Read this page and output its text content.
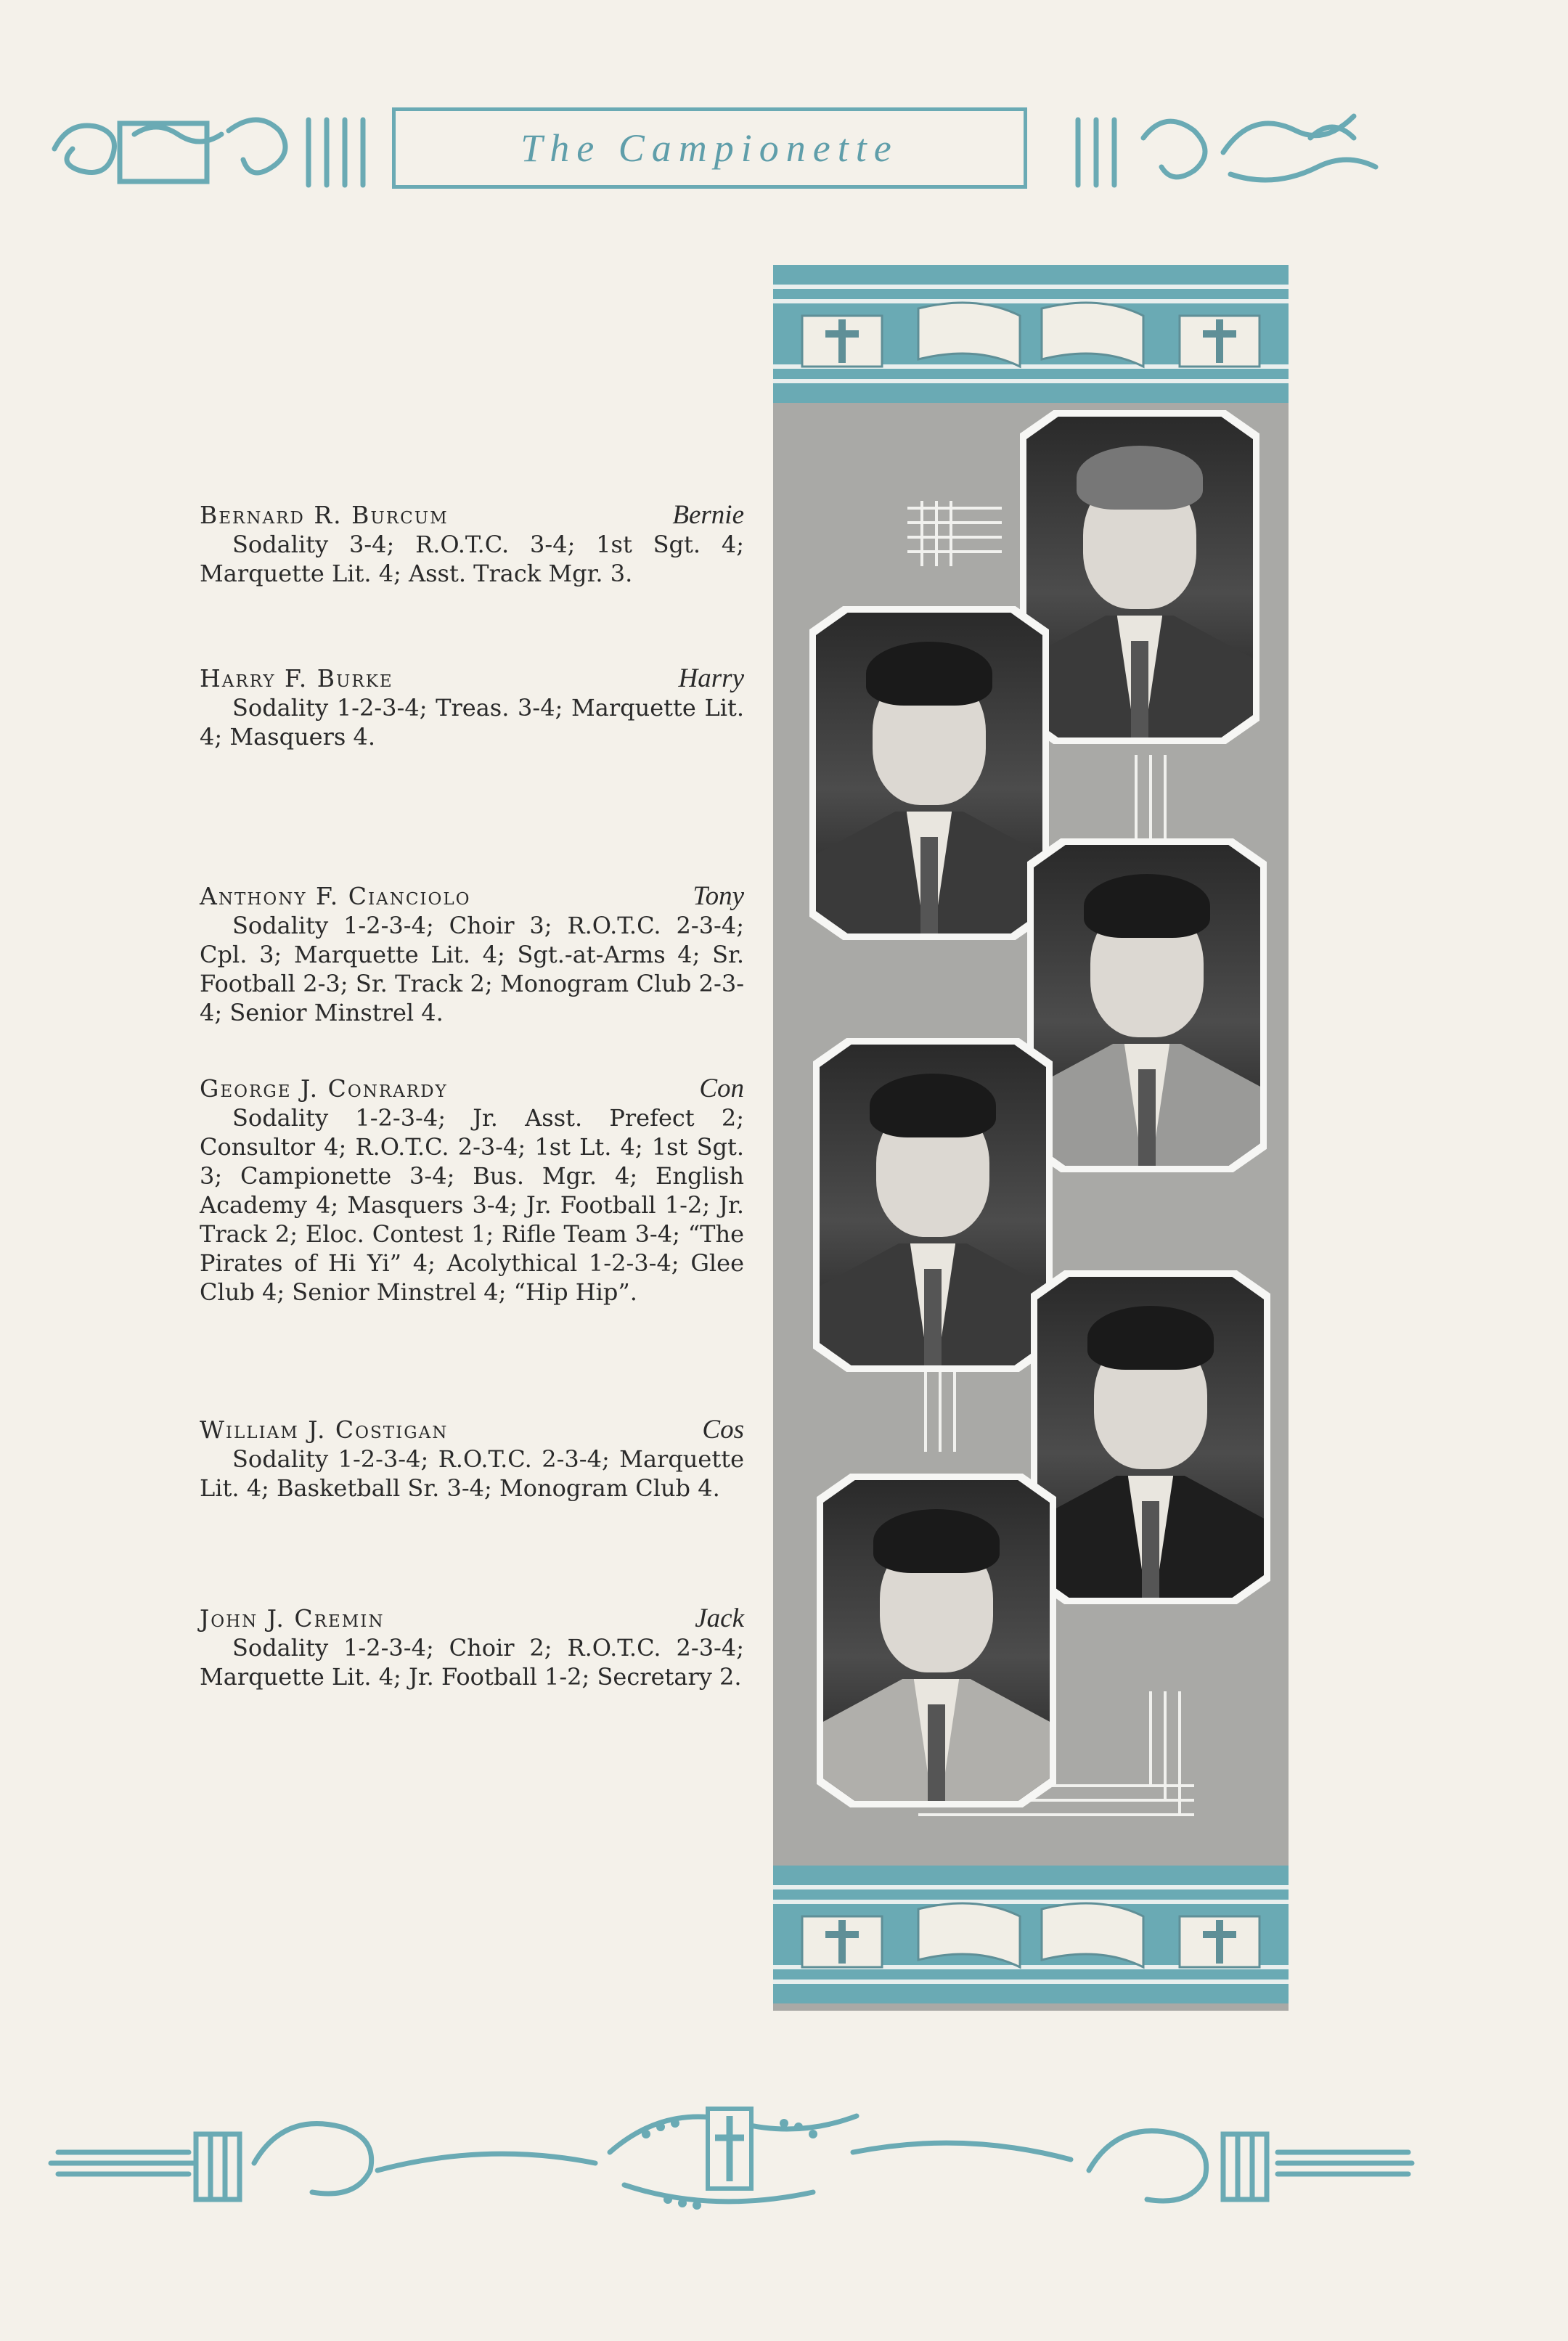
The Campionette
Bernard R. Burcum	Bernie
Sodality 3-4; R.O.T.C. 3-4; 1st Sgt. 4; Marquette Lit. 4; Asst. Track Mgr. 3.
Harry F. Burke	Harry
Sodality 1-2-3-4; Treas. 3-4; Marquette Lit. 4; Masquers 4.
Anthony F. Cianciolo	Tony
Sodality 1-2-3-4; Choir 3; R.O.T.C. 2-3-4; Cpl. 3; Marquette Lit. 4; Sgt.-at-Arms 4; Sr. Football 2-3; Sr. Track 2; Monogram Club 2-3-4; Senior Minstrel 4.
George J. Conrardy	Con
Sodality 1-2-3-4; Jr. Asst. Prefect 2; Consultor 4; R.O.T.C. 2-3-4; 1st Lt. 4; 1st Sgt. 3; Campionette 3-4; Bus. Mgr. 4; English Academy 4; Masquers 3-4; Jr. Football 1-2; Jr. Track 2; Eloc. Contest 1; Rifle Team 3-4; “The Pirates of Hi Yi” 4; Acolythical 1-2-3-4; Glee Club 4; Senior Minstrel 4; “Hip Hip”.
William J. Costigan	Cos
Sodality 1-2-3-4; R.O.T.C. 2-3-4; Marquette Lit. 4; Basketball Sr. 3-4; Monogram Club 4.
John J. Cremin	Jack
Sodality 1-2-3-4; Choir 2; R.O.T.C. 2-3-4; Marquette Lit. 4; Jr. Football 1-2; Secretary 2.
